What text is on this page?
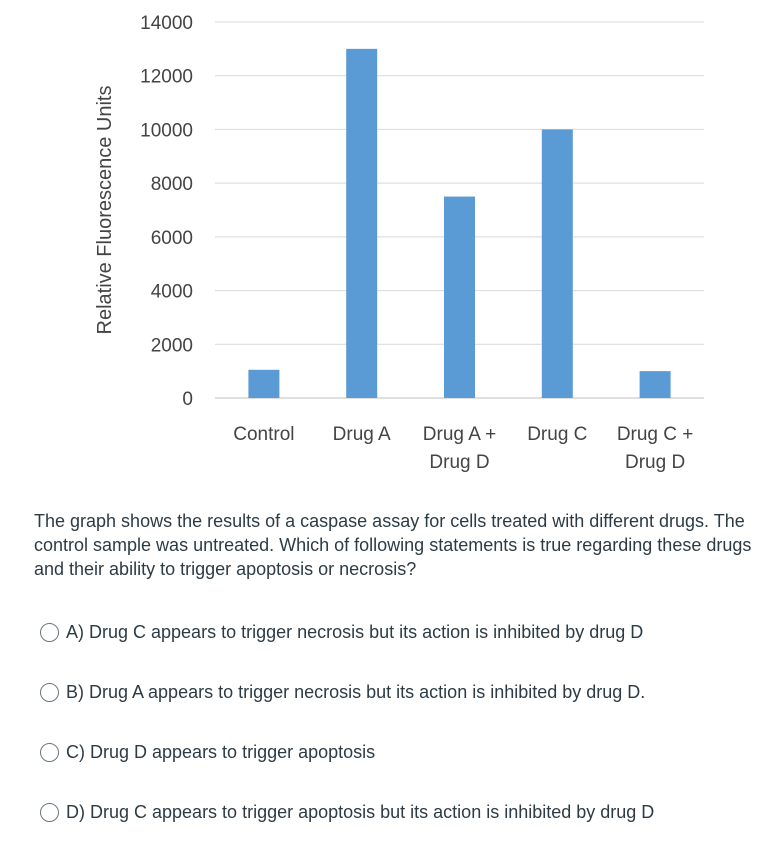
0
2000
4000
6000
8000
10000
12000
14000
Control Drug A Drug A +
Drug D
Drug C Drug C +
Drug D
Relative Fluorescence Units

The graph shows the results of a caspase assay for cells treated with different drugs. The control sample was untreated. Which of following statements is true regarding these drugs and their ability to trigger apoptosis or necrosis?

A) Drug C appears to trigger necrosis but its action is inhibited by drug D
B) Drug A appears to trigger necrosis but its action is inhibited by drug D.
C) Drug D appears to trigger apoptosis
D) Drug C appears to trigger apoptosis but its action is inhibited by drug D
